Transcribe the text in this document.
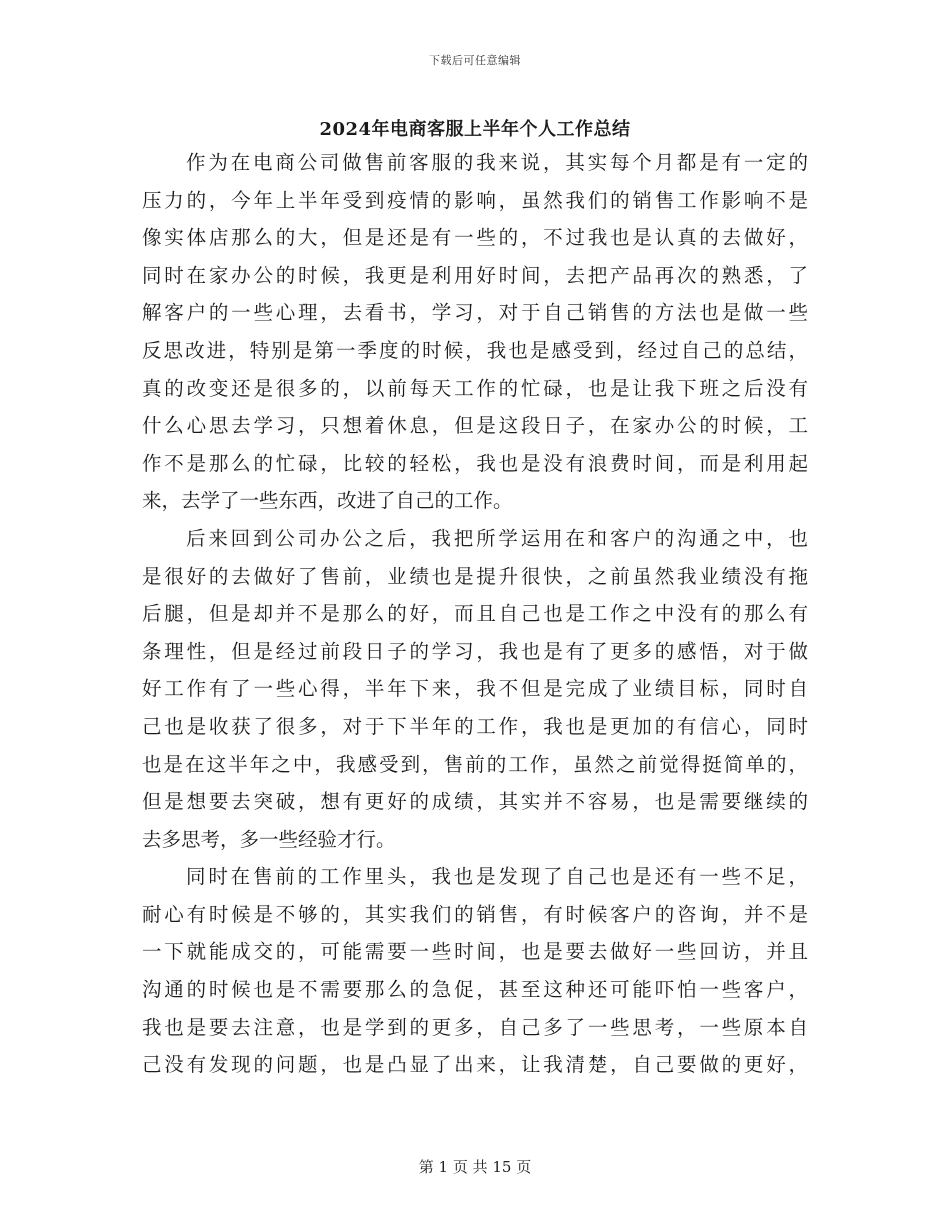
下载后可任意编辑
2024年电商客服上半年个人工作总结
作为在电商公司做售前客服的我来说，其实每个月都是有一定的
压力的，今年上半年受到疫情的影响，虽然我们的销售工作影响不是
像实体店那么的大，但是还是有一些的，不过我也是认真的去做好，
同时在家办公的时候，我更是利用好时间，去把产品再次的熟悉，了
解客户的一些心理，去看书，学习，对于自己销售的方法也是做一些
反思改进，特别是第一季度的时候，我也是感受到，经过自己的总结，
真的改变还是很多的，以前每天工作的忙碌，也是让我下班之后没有
什么心思去学习，只想着休息，但是这段日子，在家办公的时候，工
作不是那么的忙碌，比较的轻松，我也是没有浪费时间，而是利用起
来，去学了一些东西，改进了自己的工作。
后来回到公司办公之后，我把所学运用在和客户的沟通之中，也
是很好的去做好了售前，业绩也是提升很快，之前虽然我业绩没有拖
后腿，但是却并不是那么的好，而且自己也是工作之中没有的那么有
条理性，但是经过前段日子的学习，我也是有了更多的感悟，对于做
好工作有了一些心得，半年下来，我不但是完成了业绩目标，同时自
己也是收获了很多，对于下半年的工作，我也是更加的有信心，同时
也是在这半年之中，我感受到，售前的工作，虽然之前觉得挺简单的，
但是想要去突破，想有更好的成绩，其实并不容易，也是需要继续的
去多思考，多一些经验才行。
同时在售前的工作里头，我也是发现了自己也是还有一些不足，
耐心有时候是不够的，其实我们的销售，有时候客户的咨询，并不是
一下就能成交的，可能需要一些时间，也是要去做好一些回访，并且
沟通的时候也是不需要那么的急促，甚至这种还可能吓怕一些客户，
我也是要去注意，也是学到的更多，自己多了一些思考，一些原本自
己没有发现的问题，也是凸显了出来，让我清楚，自己要做的更好，
第 1 页 共 15 页
